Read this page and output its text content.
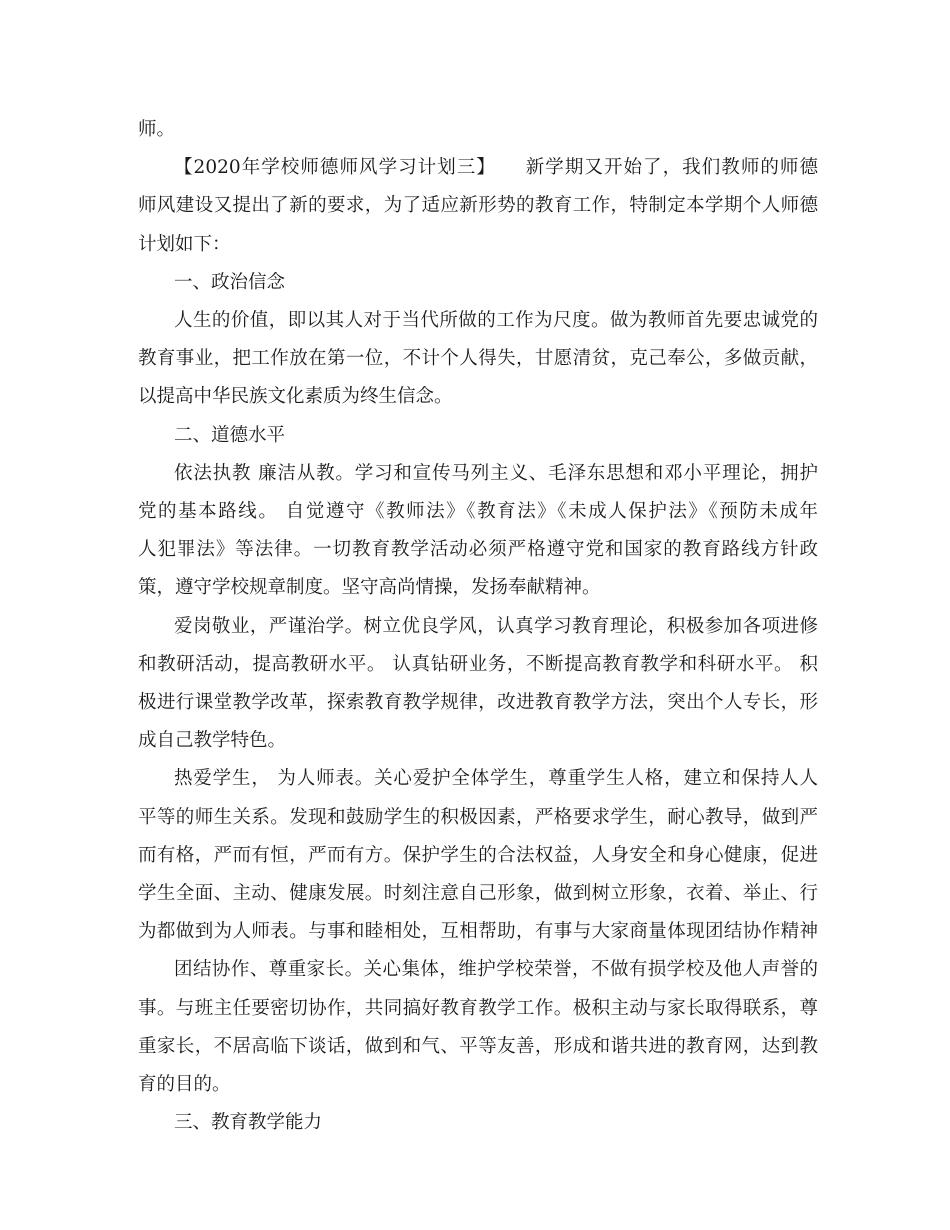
师。
【2020年学校师德师风学习计划三】　　新学期又开始了，我们教师的师德
师风建设又提出了新的要求，为了适应新形势的教育工作，特制定本学期个人师德
计划如下：
一、政治信念
人生的价值，即以其人对于当代所做的工作为尺度。做为教师首先要忠诚党的
教育事业，把工作放在第一位，不计个人得失，甘愿清贫，克己奉公，多做贡献，
以提高中华民族文化素质为终生信念。
二、道德水平
依法执教 廉洁从教。学习和宣传马列主义、毛泽东思想和邓小平理论，拥护
党的基本路线。 自觉遵守《教师法》《教育法》《未成人保护法》《预防未成年
人犯罪法》等法律。一切教育教学活动必须严格遵守党和国家的教育路线方针政
策，遵守学校规章制度。坚守高尚情操，发扬奉献精神。
爱岗敬业，严谨治学。树立优良学风，认真学习教育理论，积极参加各项进修
和教研活动，提高教研水平。 认真钻研业务，不断提高教育教学和科研水平。 积
极进行课堂教学改革，探索教育教学规律，改进教育教学方法，突出个人专长，形
成自己教学特色。
热爱学生， 为人师表。关心爱护全体学生，尊重学生人格，建立和保持人人
平等的师生关系。发现和鼓励学生的积极因素，严格要求学生，耐心教导，做到严
而有格，严而有恒，严而有方。保护学生的合法权益，人身安全和身心健康，促进
学生全面、主动、健康发展。时刻注意自己形象，做到树立形象，衣着、举止、行
为都做到为人师表。与事和睦相处，互相帮助，有事与大家商量体现团结协作精神
团结协作、尊重家长。关心集体，维护学校荣誉，不做有损学校及他人声誉的
事。与班主任要密切协作，共同搞好教育教学工作。极积主动与家长取得联系，尊
重家长，不居高临下谈话，做到和气、平等友善，形成和谐共进的教育网，达到教
育的目的。
三、教育教学能力
